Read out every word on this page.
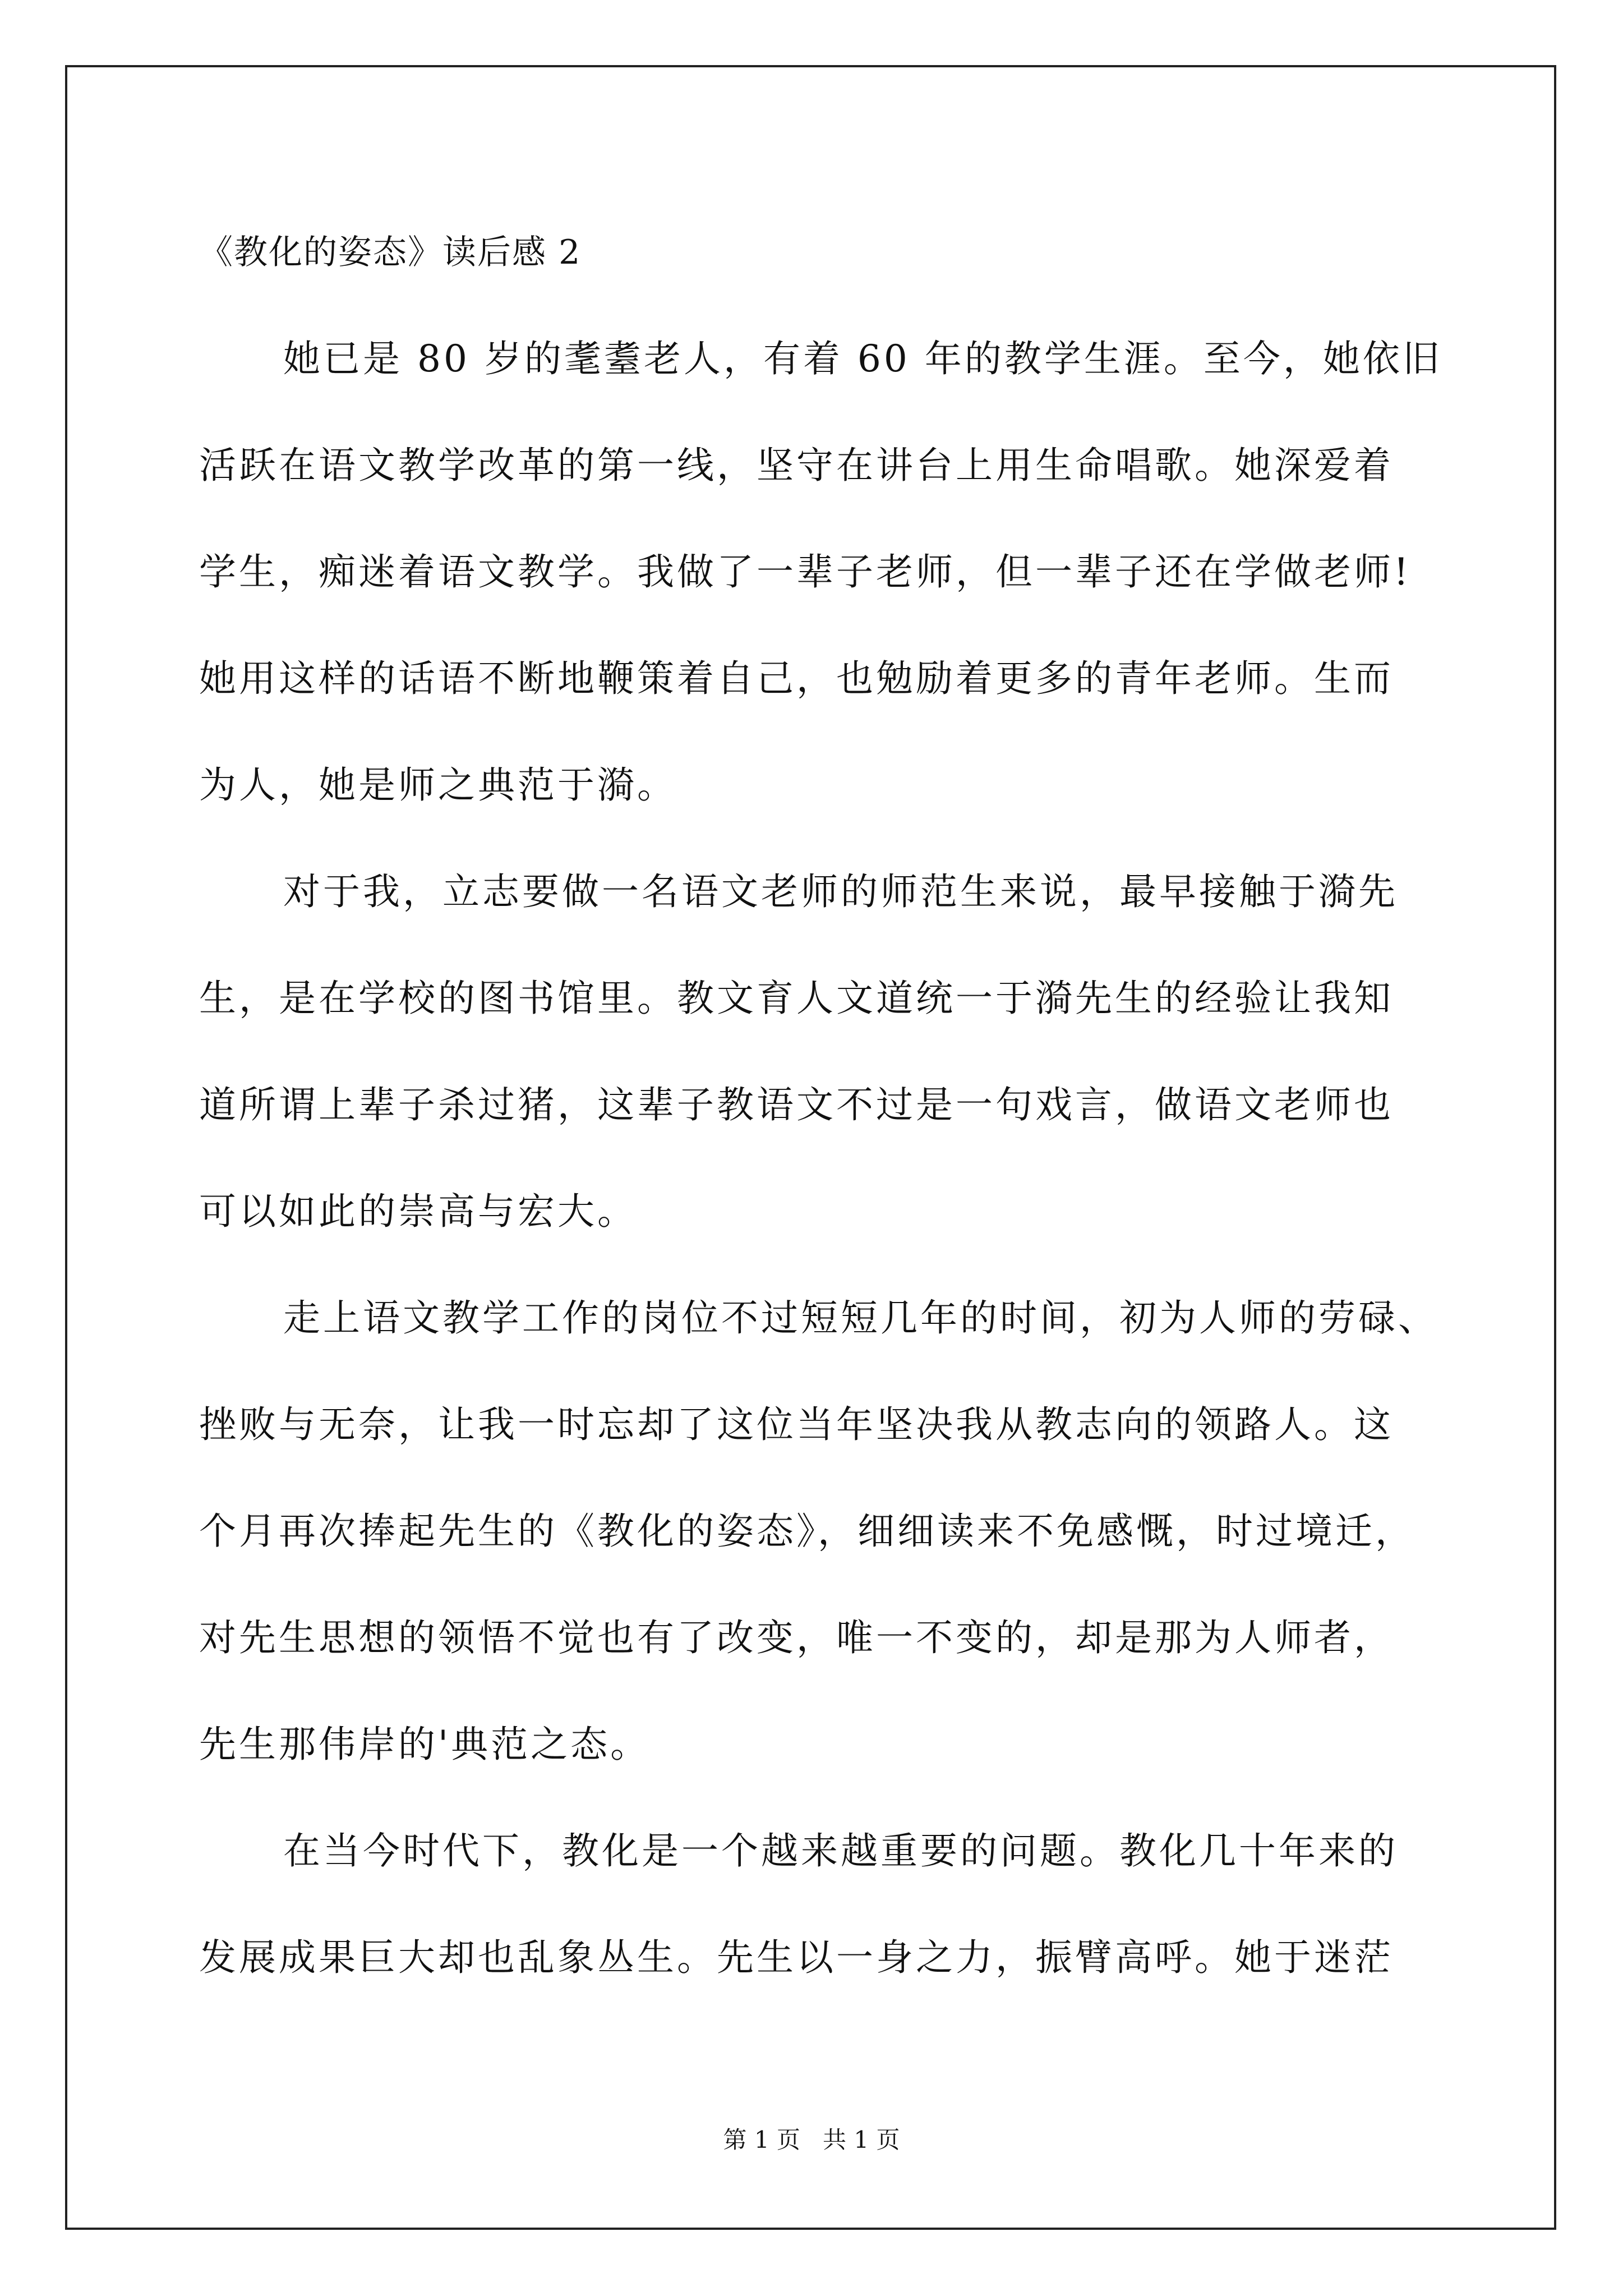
《教化的姿态》读后感 2
她已是 80 岁的耄耋老人，有着 60 年的教学生涯。至今，她依旧
活跃在语文教学改革的第一线，坚守在讲台上用生命唱歌。她深爱着
学生，痴迷着语文教学。我做了一辈子老师，但一辈子还在学做老师!
她用这样的话语不断地鞭策着自己，也勉励着更多的青年老师。生而
为人，她是师之典范于漪。
对于我，立志要做一名语文老师的师范生来说，最早接触于漪先
生，是在学校的图书馆里。教文育人文道统一于漪先生的经验让我知
道所谓上辈子杀过猪，这辈子教语文不过是一句戏言，做语文老师也
可以如此的崇高与宏大。
走上语文教学工作的岗位不过短短几年的时间，初为人师的劳碌、
挫败与无奈，让我一时忘却了这位当年坚决我从教志向的领路人。这
个月再次捧起先生的《教化的姿态》，细细读来不免感慨，时过境迁，
对先生思想的领悟不觉也有了改变，唯一不变的，却是那为人师者，
先生那伟岸的'典范之态。
在当今时代下，教化是一个越来越重要的问题。教化几十年来的
发展成果巨大却也乱象丛生。先生以一身之力，振臂高呼。她于迷茫
第 1 页   共 1 页
